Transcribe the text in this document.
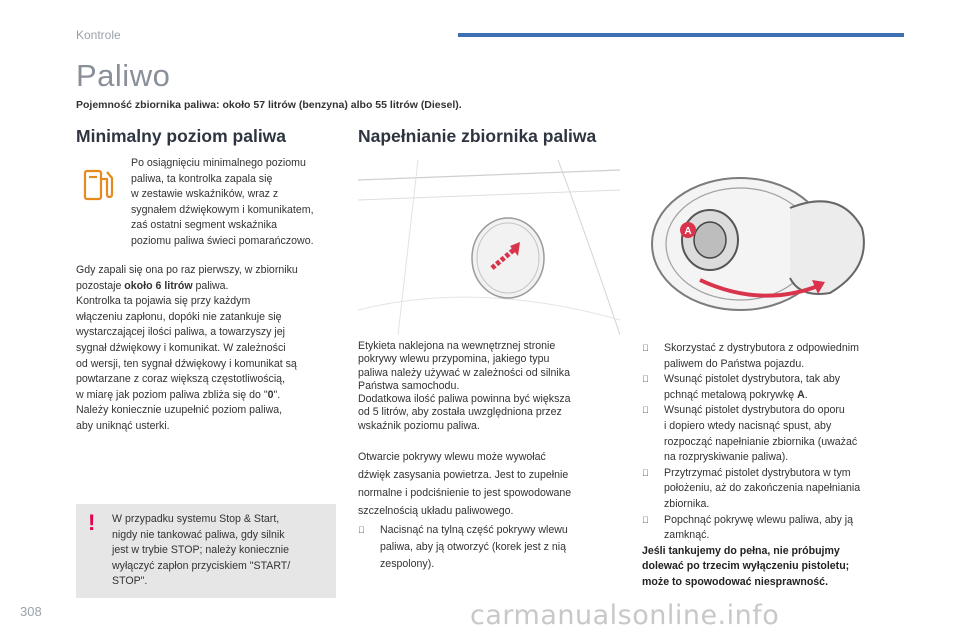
Kontrole
Paliwo
Pojemność zbiornika paliwa: około 57 litrów (benzyna) albo 55 litrów (Diesel).
Minimalny poziom paliwa
Po osiągnięciu minimalnego poziomu
paliwa, ta kontrolka zapala się
w zestawie wskaźników, wraz z
sygnałem dźwiękowym i komunikatem,
zaś ostatni segment wskaźnika
poziomu paliwa świeci pomarańczowo.
Gdy zapali się ona po raz pierwszy, w zbiorniku
pozostaje około 6 litrów paliwa.
Kontrolka ta pojawia się przy każdym
włączeniu zapłonu, dopóki nie zatankuje się
wystarczającej ilości paliwa, a towarzyszy jej
sygnał dźwiękowy i komunikat. W zależności
od wersji, ten sygnał dźwiękowy i komunikat są
powtarzane z coraz większą częstotliwością,
w miarę jak poziom paliwa zbliża się do "0".
Należy koniecznie uzupełnić poziom paliwa,
aby uniknąć usterki.
! W przypadku systemu Stop & Start,
nigdy nie tankować paliwa, gdy silnik
jest w trybie STOP; należy koniecznie
wyłączyć zapłon przyciskiem "START/
STOP".
Napełnianie zbiornika paliwa
A
Etykieta naklejona na wewnętrznej stronie
pokrywy wlewu przypomina, jakiego typu
paliwa należy używać w zależności od silnika
Państwa samochodu.
Dodatkowa ilość paliwa powinna być większa
od 5 litrów, aby została uwzględniona przez
wskaźnik poziomu paliwa.
Otwarcie pokrywy wlewu może wywołać
dźwięk zasysania powietrza. Jest to zupełnie
normalne i podciśnienie to jest spowodowane
szczelnością układu paliwowego.
Nacisnąć na tylną część pokrywy wlewu
paliwa, aby ją otworzyć (korek jest z nią
zespolony).
Skorzystać z dystrybutora z odpowiednim
paliwem do Państwa pojazdu.
Wsunąć pistolet dystrybutora, tak aby
pchnąć metalową pokrywkę A.
Wsunąć pistolet dystrybutora do oporu
i dopiero wtedy nacisnąć spust, aby
rozpocząć napełnianie zbiornika (uważać
na rozpryskiwanie paliwa).
Przytrzymać pistolet dystrybutora w tym
położeniu, aż do zakończenia napełniania
zbiornika.
Popchnąć pokrywę wlewu paliwa, aby ją
zamknąć.
Jeśli tankujemy do pełna, nie próbujmy
dolewać po trzecim wyłączeniu pistoletu;
może to spowodować niesprawność.
308	carmanualsonline.info
